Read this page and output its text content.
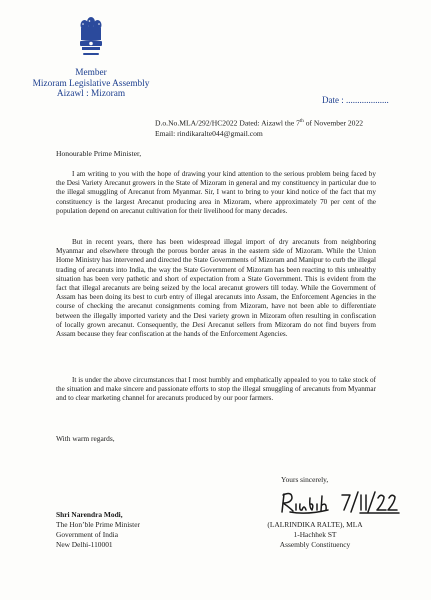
Member
Mizoram Legislative Assembly
Aizawl : Mizoram
Date : ...................
D.o.No.MLA/292/HC2022 Dated: Aizawl the 7th of November 2022
Email: rindikaralte044@gmail.com
Honourable Prime Minister,

I am writing to you with the hope of drawing your kind attention to the serious problem being faced by the Desi Variety Arecanut growers in the State of Mizoram in general and my constituency in particular due to the illegal smuggling of Arecanut from Myanmar. Sir, I want to bring to your kind notice of the fact that my constituency is the largest Arecanut producing area in Mizoram, where approximately 70 per cent of the population depend on arecanut cultivation for their livelihood for many decades.

But in recent years, there has been widespread illegal import of dry arecanuts from neighboring Myanmar and elsewhere through the porous border areas in the eastern side of Mizoram. While the Union Home Ministry has intervened and directed the State Governments of Mizoram and Manipur to curb the illegal trading of arecanuts into India, the way the State Government of Mizoram has been reacting to this unhealthy situation has been very pathetic and short of expectation from a State Government. This is evident from the fact that illegal arecanuts are being seized by the local arecanut growers till today. While the Government of Assam has been doing its best to curb entry of illegal arecanuts into Assam, the Enforcement Agencies in the course of checking the arecanut consignments coming from Mizoram, have not been able to differentiate between the illegally imported variety and the Desi variety grown in Mizoram often resulting in confiscation of locally grown arecanut. Consequently, the Desi Arecanut sellers from Mizoram do not find buyers from Assam because they fear confiscation at the hands of the Enforcement Agencies.

It is under the above circumstances that I most humbly and emphatically appealed to you to take stock of the situation and make sincere and passionate efforts to stop the illegal smuggling of arecanuts from Myanmar and to clear marketing channel for arecanuts produced by our poor farmers.

With warm regards,
Yours sincerely,
Shri Narendra Modi,
The Hon’ble Prime Minister
Government of India
New Delhi-110001
(LALRINDIKA RALTE), MLA
1-Hachhek ST
Assembly Constituency
